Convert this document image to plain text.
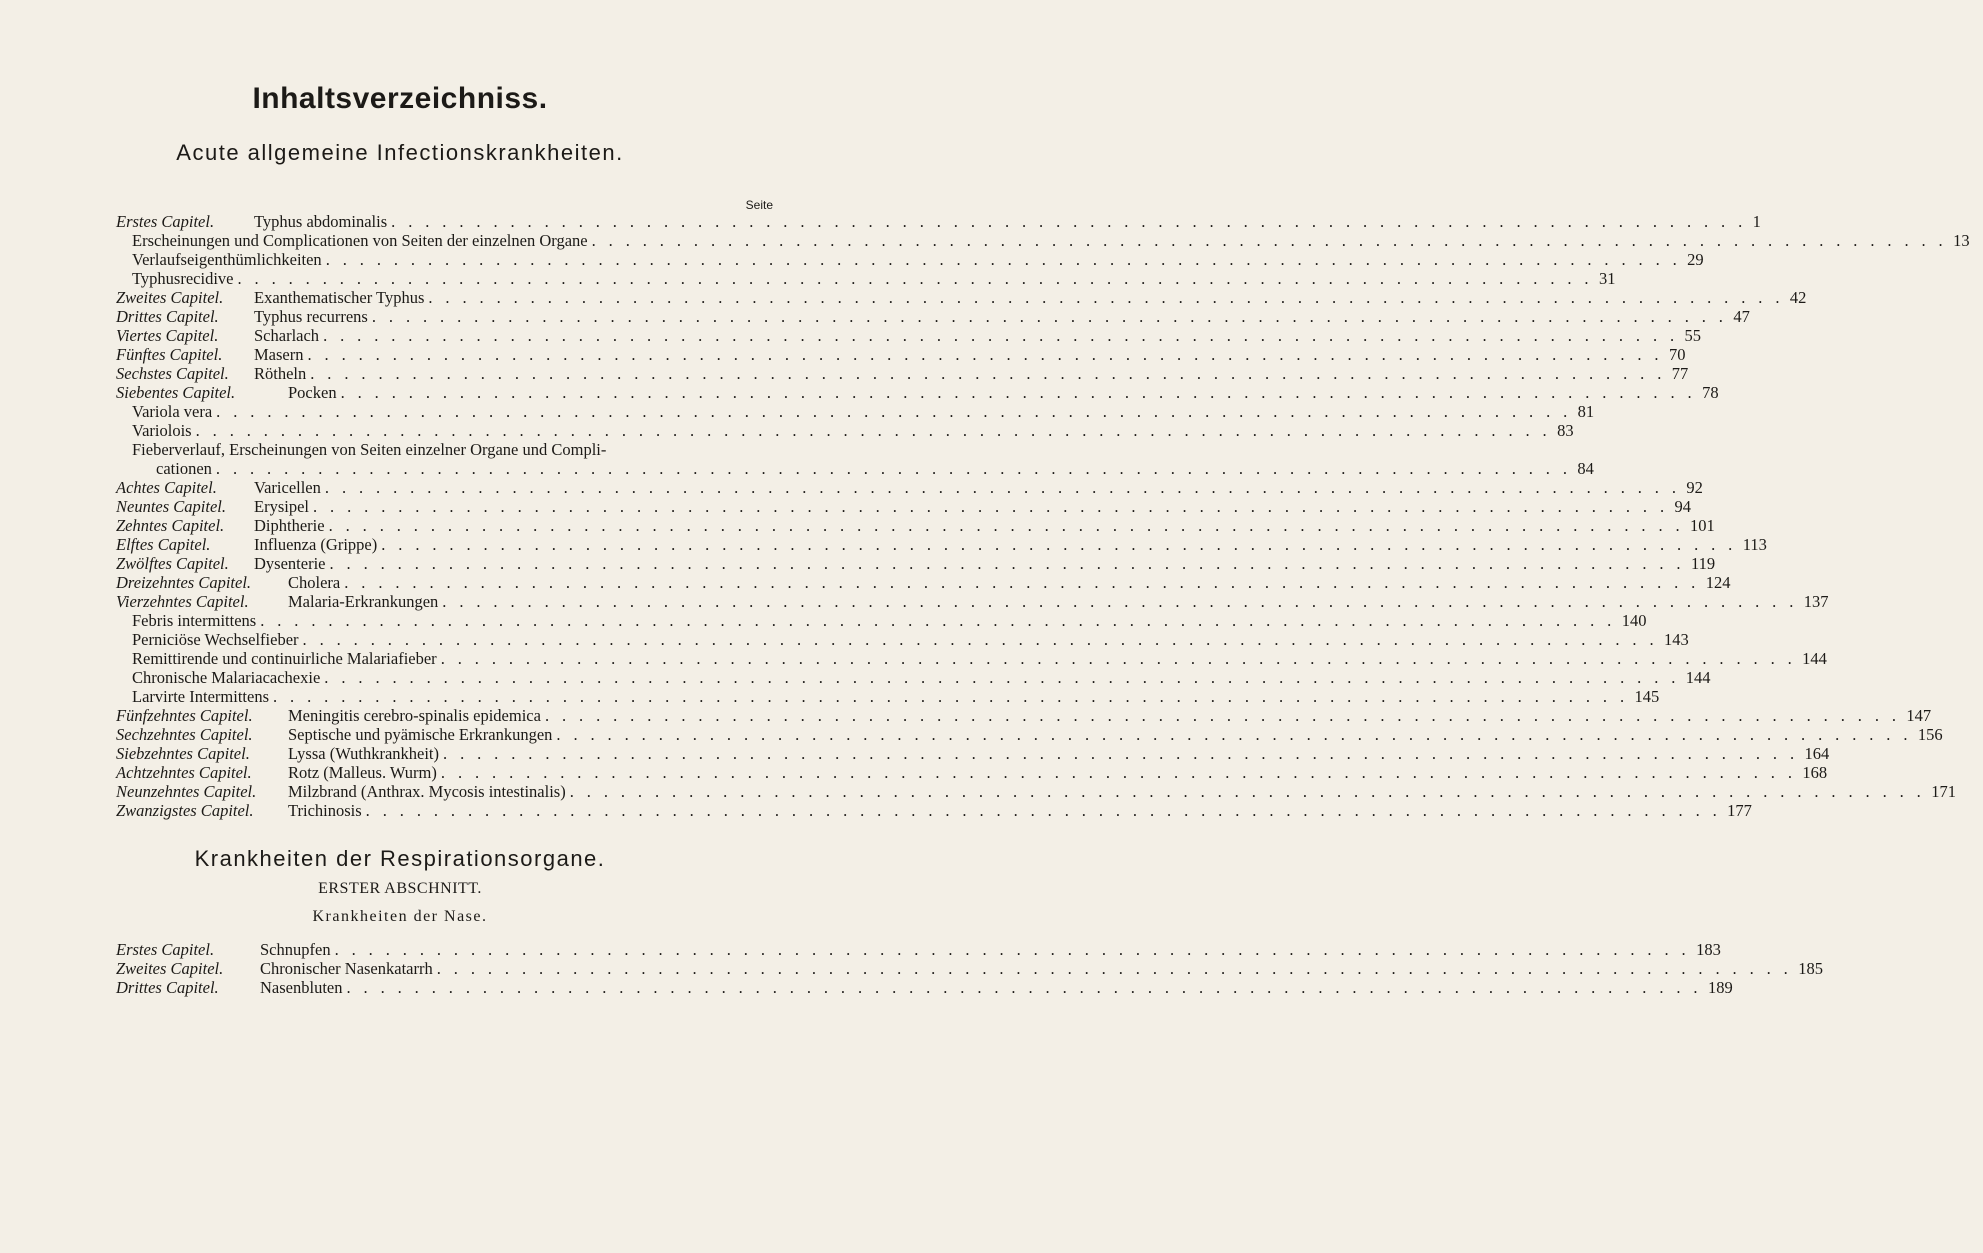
Inhaltsverzeichniss.
Acute allgemeine Infectionskrankheiten.
Seite
Erstes Capitel. Typhus abdominalis . . . . . . . . . . . . . . . . . . . . . . . . . . . . . . . . . . . . . . . . . . . . . . . . . . . . . . . . . . . . . . . . . . . . . . . . . . . . . . . . 1
Erscheinungen und Complicationen von Seiten der einzelnen Organe . . . . . . . . . . . . . . . . . . . . . . . . . . . . . . . . . . . . . . . . . . . . . . . . . . . . . . . . . . . . . . . . . . . . . . . . . . . . . . . . 13
Verlaufseigenthümlichkeiten . . . . . . . . . . . . . . . . . . . . . . . . . . . . . . . . . . . . . . . . . . . . . . . . . . . . . . . . . . . . . . . . . . . . . . . . . . . . . . . . 29
Typhusrecidive . . . . . . . . . . . . . . . . . . . . . . . . . . . . . . . . . . . . . . . . . . . . . . . . . . . . . . . . . . . . . . . . . . . . . . . . . . . . . . . . 31
Zweites Capitel. Exanthematischer Typhus . . . . . . . . . . . . . . . . . . . . . . . . . . . . . . . . . . . . . . . . . . . . . . . . . . . . . . . . . . . . . . . . . . . . . . . . . . . . . . . . 42
Drittes Capitel. Typhus recurrens . . . . . . . . . . . . . . . . . . . . . . . . . . . . . . . . . . . . . . . . . . . . . . . . . . . . . . . . . . . . . . . . . . . . . . . . . . . . . . . . 47
Viertes Capitel. Scharlach . . . . . . . . . . . . . . . . . . . . . . . . . . . . . . . . . . . . . . . . . . . . . . . . . . . . . . . . . . . . . . . . . . . . . . . . . . . . . . . . 55
Fünftes Capitel. Masern . . . . . . . . . . . . . . . . . . . . . . . . . . . . . . . . . . . . . . . . . . . . . . . . . . . . . . . . . . . . . . . . . . . . . . . . . . . . . . . . 70
Sechstes Capitel. Rötheln . . . . . . . . . . . . . . . . . . . . . . . . . . . . . . . . . . . . . . . . . . . . . . . . . . . . . . . . . . . . . . . . . . . . . . . . . . . . . . . . 77
Siebentes Capitel.	Pocken . . . . . . . . . . . . . . . . . . . . . . . . . . . . . . . . . . . . . . . . . . . . . . . . . . . . . . . . . . . . . . . . . . . . . . . . . . . . . . . . 78
Variola vera . . . . . . . . . . . . . . . . . . . . . . . . . . . . . . . . . . . . . . . . . . . . . . . . . . . . . . . . . . . . . . . . . . . . . . . . . . . . . . . . 81
Variolois . . . . . . . . . . . . . . . . . . . . . . . . . . . . . . . . . . . . . . . . . . . . . . . . . . . . . . . . . . . . . . . . . . . . . . . . . . . . . . . . 83
Fieberverlauf, Erscheinungen von Seiten einzelner Organe und Compli-
cationen . . . . . . . . . . . . . . . . . . . . . . . . . . . . . . . . . . . . . . . . . . . . . . . . . . . . . . . . . . . . . . . . . . . . . . . . . . . . . . . . 84
Achtes Capitel. Varicellen . . . . . . . . . . . . . . . . . . . . . . . . . . . . . . . . . . . . . . . . . . . . . . . . . . . . . . . . . . . . . . . . . . . . . . . . . . . . . . . . 92
Neuntes Capitel. Erysipel . . . . . . . . . . . . . . . . . . . . . . . . . . . . . . . . . . . . . . . . . . . . . . . . . . . . . . . . . . . . . . . . . . . . . . . . . . . . . . . . 94
Zehntes Capitel. Diphtherie . . . . . . . . . . . . . . . . . . . . . . . . . . . . . . . . . . . . . . . . . . . . . . . . . . . . . . . . . . . . . . . . . . . . . . . . . . . . . . . . 101
Elftes Capitel.	Influenza (Grippe) . . . . . . . . . . . . . . . . . . . . . . . . . . . . . . . . . . . . . . . . . . . . . . . . . . . . . . . . . . . . . . . . . . . . . . . . . . . . . . . . 113
Zwölftes Capitel. Dysenterie . . . . . . . . . . . . . . . . . . . . . . . . . . . . . . . . . . . . . . . . . . . . . . . . . . . . . . . . . . . . . . . . . . . . . . . . . . . . . . . . 119
Dreizehntes Capitel. Cholera . . . . . . . . . . . . . . . . . . . . . . . . . . . . . . . . . . . . . . . . . . . . . . . . . . . . . . . . . . . . . . . . . . . . . . . . . . . . . . . . 124
Vierzehntes Capitel. Malaria-Erkrankungen . . . . . . . . . . . . . . . . . . . . . . . . . . . . . . . . . . . . . . . . . . . . . . . . . . . . . . . . . . . . . . . . . . . . . . . . . . . . . . . . 137
Febris intermittens . . . . . . . . . . . . . . . . . . . . . . . . . . . . . . . . . . . . . . . . . . . . . . . . . . . . . . . . . . . . . . . . . . . . . . . . . . . . . . . . 140
Perniciöse Wechselfieber . . . . . . . . . . . . . . . . . . . . . . . . . . . . . . . . . . . . . . . . . . . . . . . . . . . . . . . . . . . . . . . . . . . . . . . . . . . . . . . . 143
Remittirende und continuirliche Malariafieber . . . . . . . . . . . . . . . . . . . . . . . . . . . . . . . . . . . . . . . . . . . . . . . . . . . . . . . . . . . . . . . . . . . . . . . . . . . . . . . . 144
Chronische Malariacachexie . . . . . . . . . . . . . . . . . . . . . . . . . . . . . . . . . . . . . . . . . . . . . . . . . . . . . . . . . . . . . . . . . . . . . . . . . . . . . . . . 144
Larvirte Intermittens . . . . . . . . . . . . . . . . . . . . . . . . . . . . . . . . . . . . . . . . . . . . . . . . . . . . . . . . . . . . . . . . . . . . . . . . . . . . . . . . 145
Fünfzehntes Capitel. Meningitis cerebro-spinalis epidemica . . . . . . . . . . . . . . . . . . . . . . . . . . . . . . . . . . . . . . . . . . . . . . . . . . . . . . . . . . . . . . . . . . . . . . . . . . . . . . . . 147
Sechzehntes Capitel. Septische und pyämische Erkrankungen . . . . . . . . . . . . . . . . . . . . . . . . . . . . . . . . . . . . . . . . . . . . . . . . . . . . . . . . . . . . . . . . . . . . . . . . . . . . . . . . 156
Siebzehntes Capitel. Lyssa (Wuthkrankheit) . . . . . . . . . . . . . . . . . . . . . . . . . . . . . . . . . . . . . . . . . . . . . . . . . . . . . . . . . . . . . . . . . . . . . . . . . . . . . . . . 164
Achtzehntes Capitel. Rotz (Malleus. Wurm) . . . . . . . . . . . . . . . . . . . . . . . . . . . . . . . . . . . . . . . . . . . . . . . . . . . . . . . . . . . . . . . . . . . . . . . . . . . . . . . . 168
Neunzehntes Capitel. Milzbrand (Anthrax. Mycosis intestinalis) . . . . . . . . . . . . . . . . . . . . . . . . . . . . . . . . . . . . . . . . . . . . . . . . . . . . . . . . . . . . . . . . . . . . . . . . . . . . . . . . 171
Zwanzigstes Capitel. Trichinosis . . . . . . . . . . . . . . . . . . . . . . . . . . . . . . . . . . . . . . . . . . . . . . . . . . . . . . . . . . . . . . . . . . . . . . . . . . . . . . . . 177
Krankheiten der Respirationsorgane.
ERSTER ABSCHNITT.
Krankheiten der Nase.
Erstes Capitel.	Schnupfen . . . . . . . . . . . . . . . . . . . . . . . . . . . . . . . . . . . . . . . . . . . . . . . . . . . . . . . . . . . . . . . . . . . . . . . . . . . . . . . . 183
Zweites Capitel. Chronischer Nasenkatarrh . . . . . . . . . . . . . . . . . . . . . . . . . . . . . . . . . . . . . . . . . . . . . . . . . . . . . . . . . . . . . . . . . . . . . . . . . . . . . . . . 185
Drittes Capitel.	Nasenbluten . . . . . . . . . . . . . . . . . . . . . . . . . . . . . . . . . . . . . . . . . . . . . . . . . . . . . . . . . . . . . . . . . . . . . . . . . . . . . . . . 189
